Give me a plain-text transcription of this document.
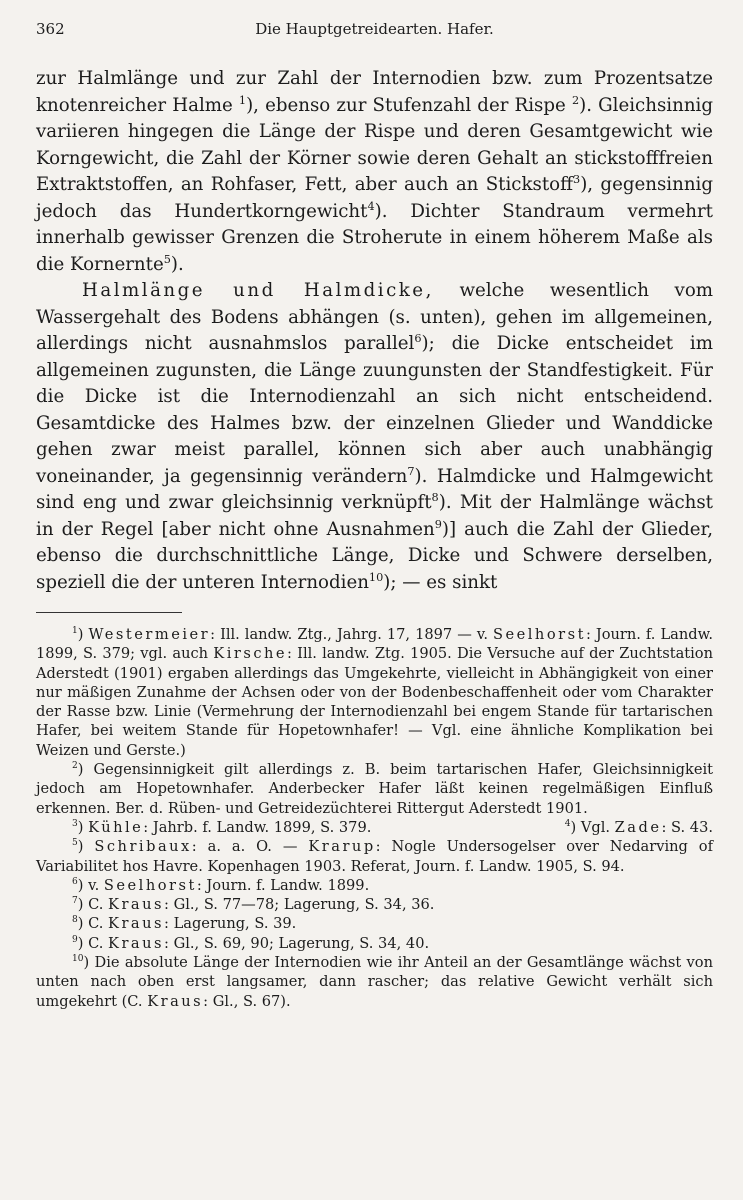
362	Die Hauptgetreidearten. Hafer.

zur Halmlänge und zur Zahl der Internodien bzw. zum Prozentsatze knotenreicher Halme $^1$), ebenso zur Stufenzahl der Rispe $^2$). Gleichsinnig variieren hingegen die Länge der Rispe und deren Gesamtgewicht wie Korngewicht, die Zahl der Körner sowie deren Gehalt an stickstofffreien Extraktstoffen, an Rohfaser, Fett, aber auch an Stickstoff$^3$), gegensinnig jedoch das Hundertkorngewicht$^4$). Dichter Standraum vermehrt innerhalb gewisser Grenzen die Stroherute in einem höherem Maße als die Kornernte$^5$).

Halmlänge und Halmdicke, welche wesentlich vom Wassergehalt des Bodens abhängen (s. unten), gehen im allgemeinen, allerdings nicht ausnahmslos parallel$^6$); die Dicke entscheidet im allgemeinen zugunsten, die Länge zuungunsten der Standfestigkeit. Für die Dicke ist die Internodienzahl an sich nicht entscheidend. Gesamtdicke des Halmes bzw. der einzelnen Glieder und Wanddicke gehen zwar meist parallel, können sich aber auch unabhängig voneinander, ja gegensinnig verändern$^7$). Halmdicke und Halmgewicht sind eng und zwar gleichsinnig verknüpft$^8$). Mit der Halmlänge wächst in der Regel [aber nicht ohne Ausnahmen$^9$)] auch die Zahl der Glieder, ebenso die durchschnittliche Länge, Dicke und Schwere derselben, speziell die der unteren Internodien$^{10}$); — es sinkt

$^1$) Westermeier: Ill. landw. Ztg., Jahrg. 17, 1897 — v. Seelhorst: Journ. f. Landw. 1899, S. 379; vgl. auch Kirsche: Ill. landw. Ztg. 1905. Die Versuche auf der Zuchtstation Aderstedt (1901) ergaben allerdings das Umgekehrte, vielleicht in Abhängigkeit von einer nur mäßigen Zunahme der Achsen oder von der Bodenbeschaffenheit oder vom Charakter der Rasse bzw. Linie (Vermehrung der Internodienzahl bei engem Stande für tartarischen Hafer, bei weitem Stande für Hopetownhafer! — Vgl. eine ähnliche Komplikation bei Weizen und Gerste.)

$^2$) Gegensinnigkeit gilt allerdings z. B. beim tartarischen Hafer, Gleichsinnigkeit jedoch am Hopetownhafer. Anderbecker Hafer läßt keinen regelmäßigen Einfluß erkennen. Ber. d. Rüben- und Getreidezüchterei Rittergut Aderstedt 1901.

$^3$) Kühle: Jahrb. f. Landw. 1899, S. 379.	$^4$) Vgl. Zade: S. 43.

$^5$) Schribaux: a. a. O. — Krarup: Nogle Undersogelser over Nedarving of Variabilitet hos Havre. Kopenhagen 1903. Referat, Journ. f. Landw. 1905, S. 94.

$^6$) v. Seelhorst: Journ. f. Landw. 1899.

$^7$) C. Kraus: Gl., S. 77—78; Lagerung, S. 34, 36.

$^8$) C. Kraus: Lagerung, S. 39.

$^9$) C. Kraus: Gl., S. 69, 90; Lagerung, S. 34, 40.

$^{10}$) Die absolute Länge der Internodien wie ihr Anteil an der Gesamtlänge wächst von unten nach oben erst langsamer, dann rascher; das relative Gewicht verhält sich umgekehrt (C. Kraus: Gl., S. 67).
